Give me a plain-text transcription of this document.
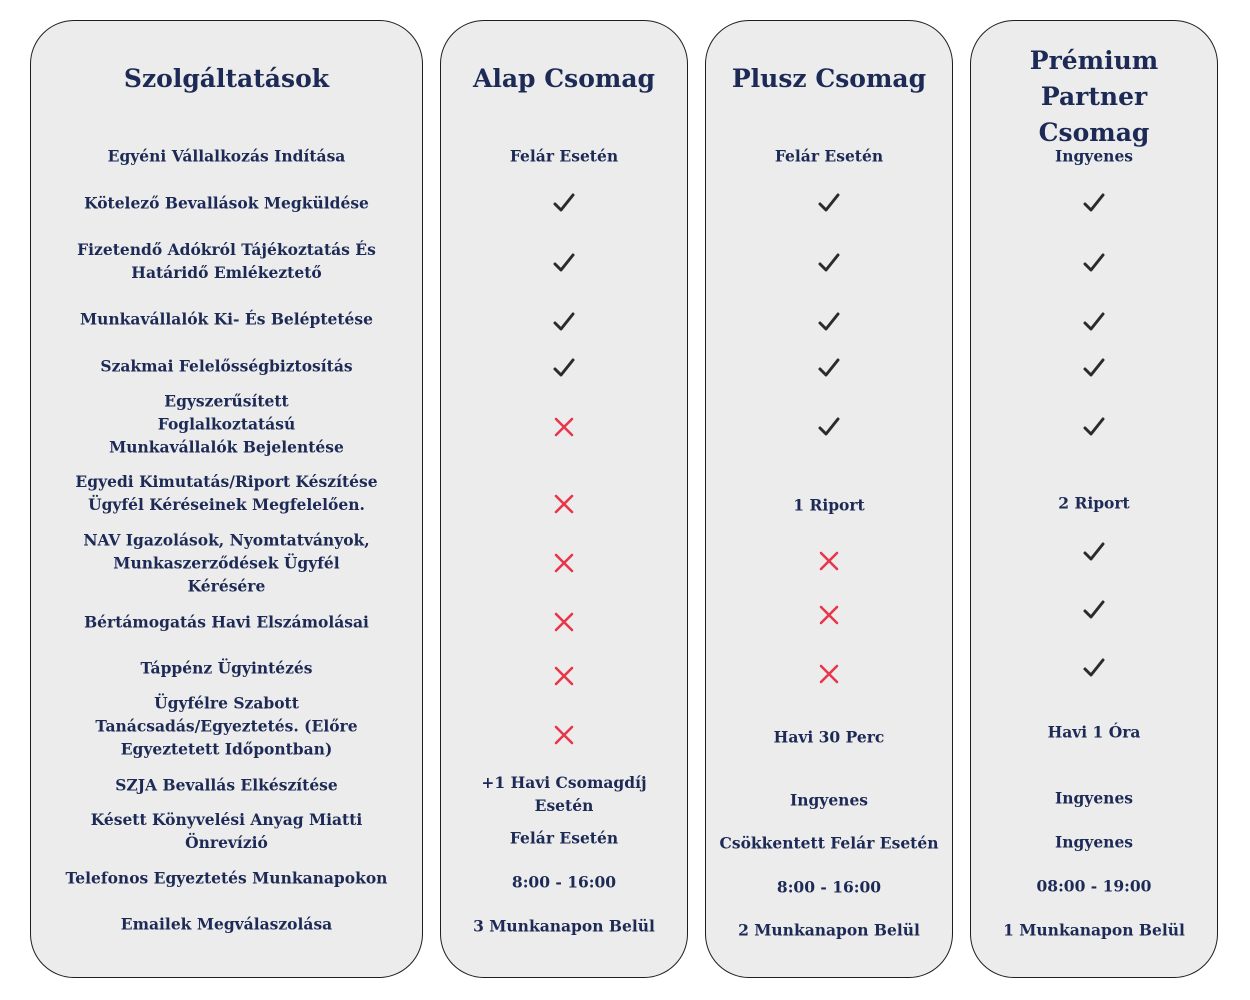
Szolgáltatások
Egyéni Vállalkozás Indítása
Kötelező Bevallások Megküldése
Fizetendő Adókról Tájékoztatás És Határidő Emlékeztető
Munkavállalók Ki- És Beléptetése
Szakmai Felelősségbiztosítás
Egyszerűsített Foglalkoztatású Munkavállalók Bejelentése
Egyedi Kimutatás/Riport Készítése Ügyfél Kéréseinek Megfelelően.
NAV Igazolások, Nyomtatványok, Munkaszerződések Ügyfél Kérésére
Bértámogatás Havi Elszámolásai
Táppénz Ügyintézés
Ügyfélre Szabott Tanácsadás/Egyeztetés. (Előre Egyeztetett Időpontban)
SZJA Bevallás Elkészítése
Késett Könyvelési Anyag Miatti Önrevízió
Telefonos Egyeztetés Munkanapokon
Emailek Megválaszolása
Alap Csomag
Felár Esetén
+1 Havi Csomagdíj Esetén
Felár Esetén
8:00 - 16:00
3 Munkanapon Belül
Plusz Csomag
Felár Esetén
1 Riport
Havi 30 Perc
Ingyenes
Csökkentett Felár Esetén
8:00 - 16:00
2 Munkanapon Belül
Prémium Partner Csomag
Ingyenes
2 Riport
Havi 1 Óra
Ingyenes
Ingyenes
08:00 - 19:00
1 Munkanapon Belül
